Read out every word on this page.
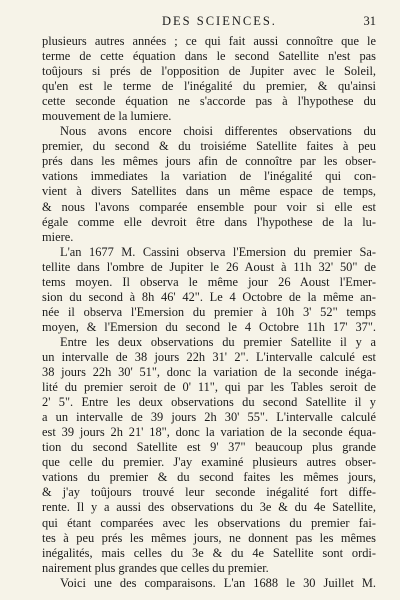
DES SCIENCES.	31
plusieurs autres années ; ce qui fait aussi connoître que le
terme de cette équation dans le second Satellite n'est pas
toûjours si prés de l'opposition de Jupiter avec le Soleil,
qu'en est le terme de l'inégalité du premier, & qu'ainsi
cette seconde équation ne s'accorde pas à l'hypothese du
mouvement de la lumiere.
Nous avons encore choisi differentes observations du
premier, du second & du troisiéme Satellite faites à peu
prés dans les mêmes jours afin de connoître par les obser-
vations immediates la variation de l'inégalité qui con-
vient à divers Satellites dans un même espace de temps,
& nous l'avons comparée ensemble pour voir si elle est
égale comme elle devroit être dans l'hypothese de la lu-
miere.
L'an 1677 M. Cassini observa l'Emersion du premier Sa-
tellite dans l'ombre de Jupiter le 26 Aoust à 11h 32' 50" de
tems moyen. Il observa le même jour 26 Aoust l'Emer-
sion du second à 8h 46' 42". Le 4 Octobre de la même an-
née il observa l'Emersion du premier à 10h 3' 52" temps
moyen, & l'Emersion du second le 4 Octobre 11h 17' 37".
Entre les deux observations du premier Satellite il y a
un intervalle de 38 jours 22h 31' 2". L'intervalle calculé est
38 jours 22h 30' 51", donc la variation de la seconde inéga-
lité du premier seroit de 0' 11", qui par les Tables seroit de
2' 5". Entre les deux observations du second Satellite il y
a un intervalle de 39 jours 2h 30' 55". L'intervalle calculé
est 39 jours 2h 21' 18", donc la variation de la seconde équa-
tion du second Satellite est 9' 37" beaucoup plus grande
que celle du premier. J'ay examiné plusieurs autres obser-
vations du premier & du second faites les mêmes jours,
& j'ay toûjours trouvé leur seconde inégalité fort diffe-
rente. Il y a aussi des observations du 3e & du 4e Satellite,
qui étant comparées avec les observations du premier fai-
tes à peu prés les mêmes jours, ne donnent pas les mêmes
inégalités, mais celles du 3e & du 4e Satellite sont ordi-
nairement plus grandes que celles du premier.
Voici une des comparaisons. L'an 1688 le 30 Juillet M.
